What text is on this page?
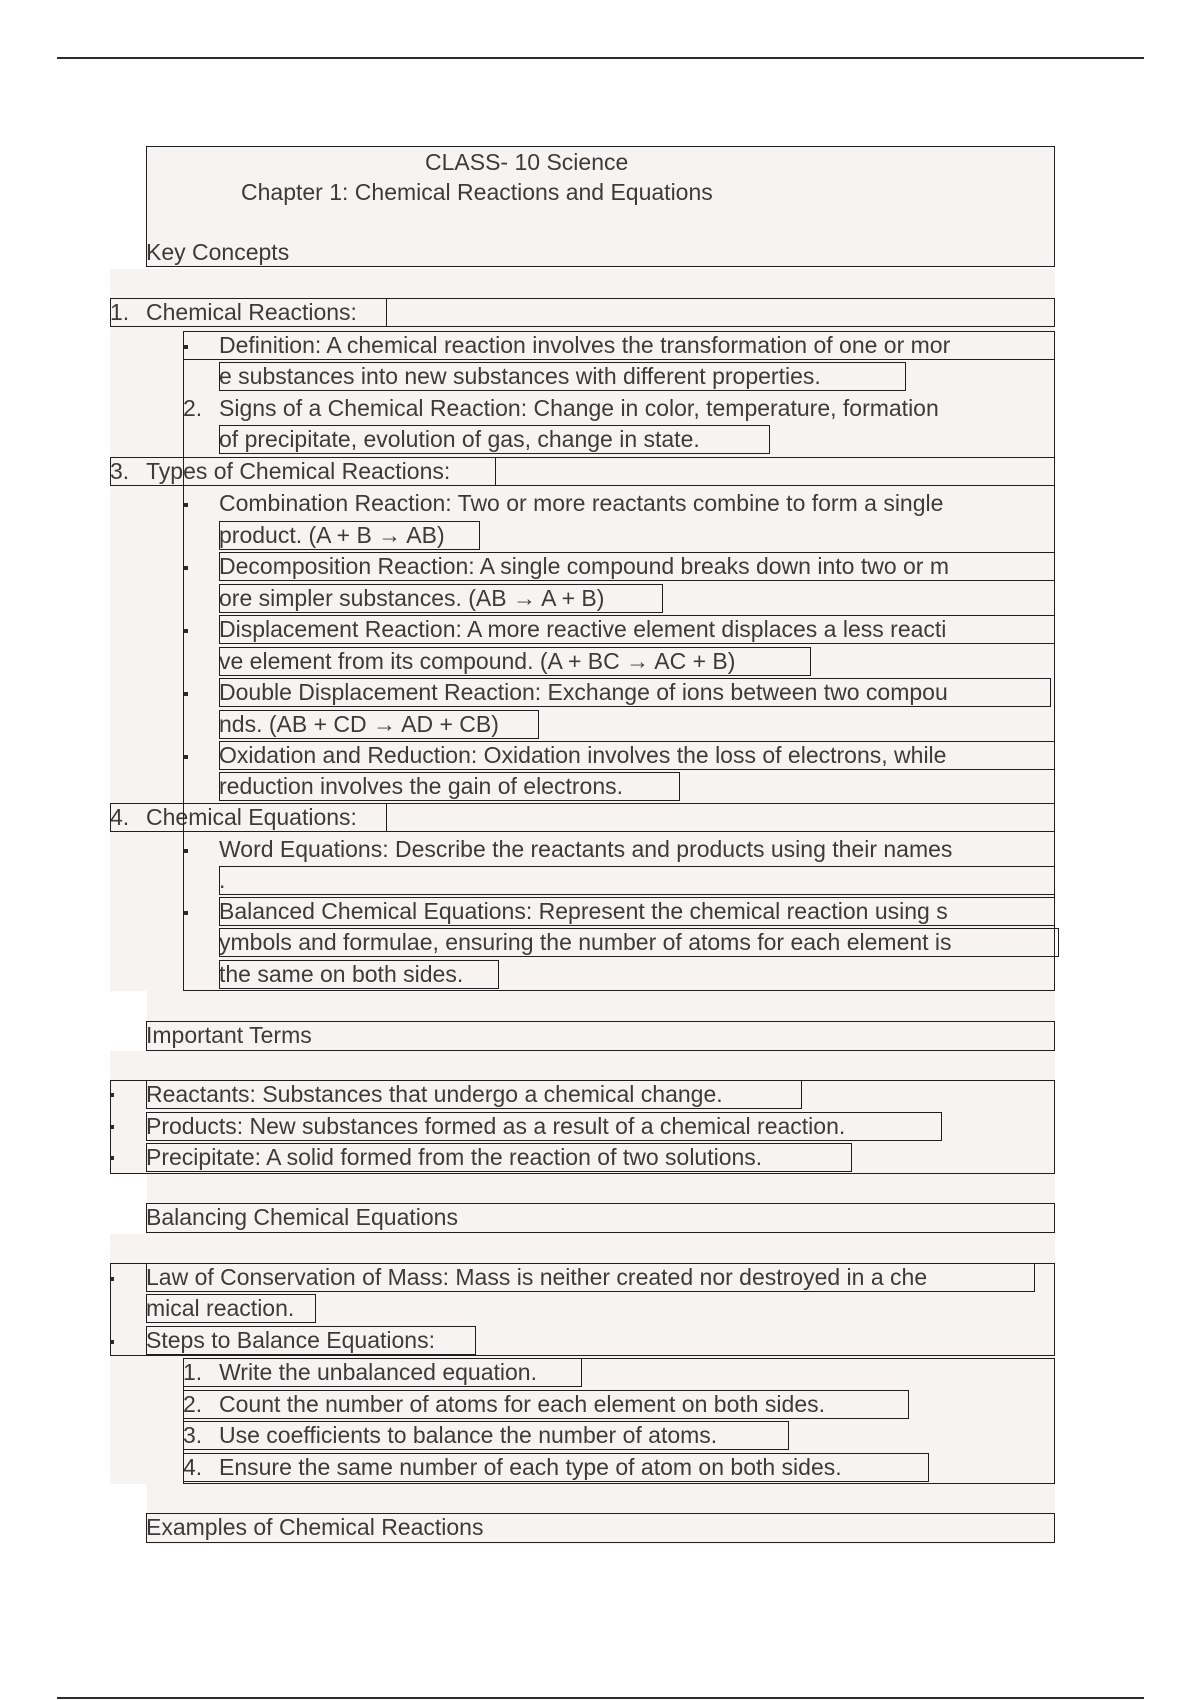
CLASS- 10 Science
Chapter 1: Chemical Reactions and Equations
Key Concepts
1. Chemical Reactions:
Definition: A chemical reaction involves the transformation of one or mor
e substances into new substances with different properties.
2. Signs of a Chemical Reaction: Change in color, temperature, formation
of precipitate, evolution of gas, change in state.
3. Types of Chemical Reactions:
Combination Reaction: Two or more reactants combine to form a single
product. (A + B → AB)
Decomposition Reaction: A single compound breaks down into two or m
ore simpler substances. (AB → A + B)
Displacement Reaction: A more reactive element displaces a less reacti
ve element from its compound. (A + BC → AC + B)
Double Displacement Reaction: Exchange of ions between two compou
nds. (AB + CD → AD + CB)
Oxidation and Reduction: Oxidation involves the loss of electrons, while
reduction involves the gain of electrons.
4. Chemical Equations:
Word Equations: Describe the reactants and products using their names
.
Balanced Chemical Equations: Represent the chemical reaction using s
ymbols and formulae, ensuring the number of atoms for each element is
the same on both sides.
Important Terms
Reactants: Substances that undergo a chemical change.
Products: New substances formed as a result of a chemical reaction.
Precipitate: A solid formed from the reaction of two solutions.
Balancing Chemical Equations
Law of Conservation of Mass: Mass is neither created nor destroyed in a che
mical reaction.
Steps to Balance Equations:
1. Write the unbalanced equation.
2. Count the number of atoms for each element on both sides.
3. Use coefficients to balance the number of atoms.
4. Ensure the same number of each type of atom on both sides.
Examples of Chemical Reactions
